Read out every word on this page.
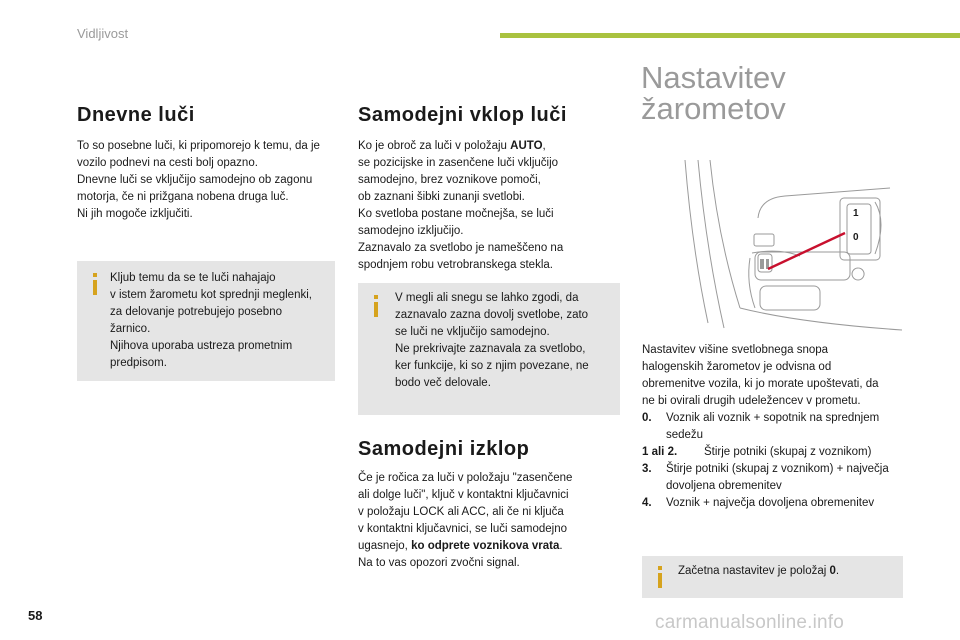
Vidljivost
Dnevne luči

To so posebne luči, ki pripomorejo k temu, da je

vozilo podnevi na cesti bolj opazno.

Dnevne luči se vključijo samodejno ob zagonu

motorja, če ni prižgana nobena druga luč.

Ni jih mogoče izključiti.

Kljub temu da se te luči nahajajo

v istem žarometu kot sprednji meglenki,

za delovanje potrebujejo posebno

žarnico.

Njihova uporaba ustreza prometnim

predpisom.

Samodejni vklop luči

Ko je obroč za luči v položaju AUTO,

se pozicijske in zasenčene luči vključijo

samodejno, brez voznikove pomoči,

ob zaznani šibki zunanji svetlobi.

Ko svetloba postane močnejša, se luči

samodejno izključijo.

Zaznavalo za svetlobo je nameščeno na

spodnjem robu vetrobranskega stekla.

V megli ali snegu se lahko zgodi, da

zaznavalo zazna dovolj svetlobe, zato

se luči ne vključijo samodejno.

Ne prekrivajte zaznavala za svetlobo,

ker funkcije, ki so z njim povezane, ne

bodo več delovale.

Samodejni izklop

Če je ročica za luči v položaju "zasenčene

ali dolge luči", ključ v kontaktni ključavnici

v položaju LOCK ali ACC, ali če ni ključa

v kontaktni ključavnici, se luči samodejno

ugasnejo, ko odprete voznikova vrata.

Na to vas opozori zvočni signal.

Nastavitev
žarometov
1
0

Nastavitev višine svetlobnega snopa

halogenskih žarometov je odvisna od

obremenitve vozila, ki jo morate upoštevati, da

ne bi ovirali drugih udeležencev v prometu.

0. Voznik ali voznik + sopotnik na sprednjem sedežu
1 ali 2. Štirje potniki (skupaj z voznikom)
3. Štirje potniki (skupaj z voznikom) + največja dovoljena obremenitev
4. Voznik + največja dovoljena obremenitev

Začetna nastavitev je položaj 0.

58	carmanualsonline.info
